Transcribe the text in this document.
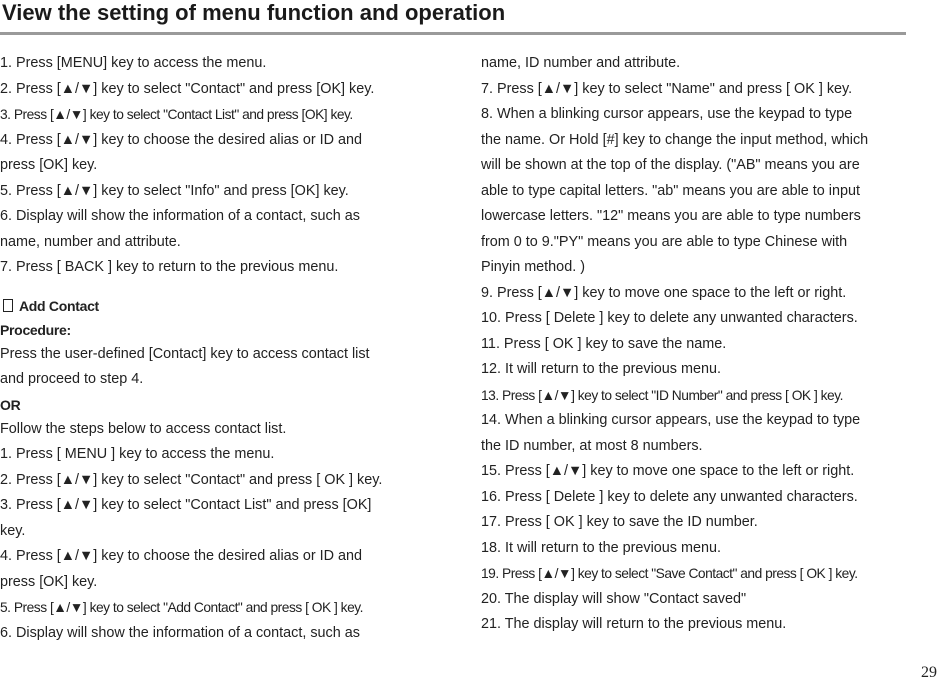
View the setting of menu function and operation
1. Press [MENU] key to access the menu.
2. Press [▲/▼] key to select "Contact" and press [OK] key.
3. Press [▲/▼] key to select "Contact List" and press [OK] key.
4. Press [▲/▼] key to choose the desired alias or ID and
press [OK] key.
5. Press [▲/▼] key to select "Info" and press [OK] key.
6. Display will show the information of a contact, such as
name, number and attribute.
7. Press [ BACK ] key to return to the previous menu.
Add Contact
Procedure:
Press the user-defined [Contact] key to access contact list
and proceed to step 4.
OR
Follow the steps below to access contact list.
1. Press [ MENU ] key to access the menu.
2. Press [▲/▼] key to select "Contact" and press [ OK ] key.
3. Press [▲/▼] key to select "Contact List" and press [OK]
key.
4. Press [▲/▼] key to choose the desired alias or ID and
press [OK] key.
5. Press [▲/▼] key to select "Add Contact" and press [ OK ] key.
6. Display will show the information of a contact, such as
name, ID number and attribute.
7. Press [▲/▼] key to select "Name" and press [ OK ] key.
8. When a blinking cursor appears, use the keypad to type
the name. Or Hold [#] key to change the input method, which
will be shown at the top of the display. ("AB" means you are
able to type capital letters. "ab" means you are able to input
lowercase letters. "12" means you are able to type numbers
from 0 to 9."PY" means you are able to type Chinese with
Pinyin method. )
9. Press [▲/▼] key to move one space to the left or right.
10. Press [ Delete ] key to delete any unwanted characters.
11. Press [ OK ] key to save the name.
12. It will return to the previous menu.
13. Press [▲/▼] key to select "ID Number" and press [ OK ] key.
14. When a blinking cursor appears, use the keypad to type
the ID number, at most 8 numbers.
15. Press [▲/▼] key to move one space to the left or right.
16. Press [ Delete ] key to delete any unwanted characters.
17. Press [ OK ] key to save the ID number.
18. It will return to the previous menu.
19. Press [▲/▼] key to select "Save Contact" and press [ OK ] key.
20. The display will show "Contact saved"
21. The display will return to the previous menu.
29
